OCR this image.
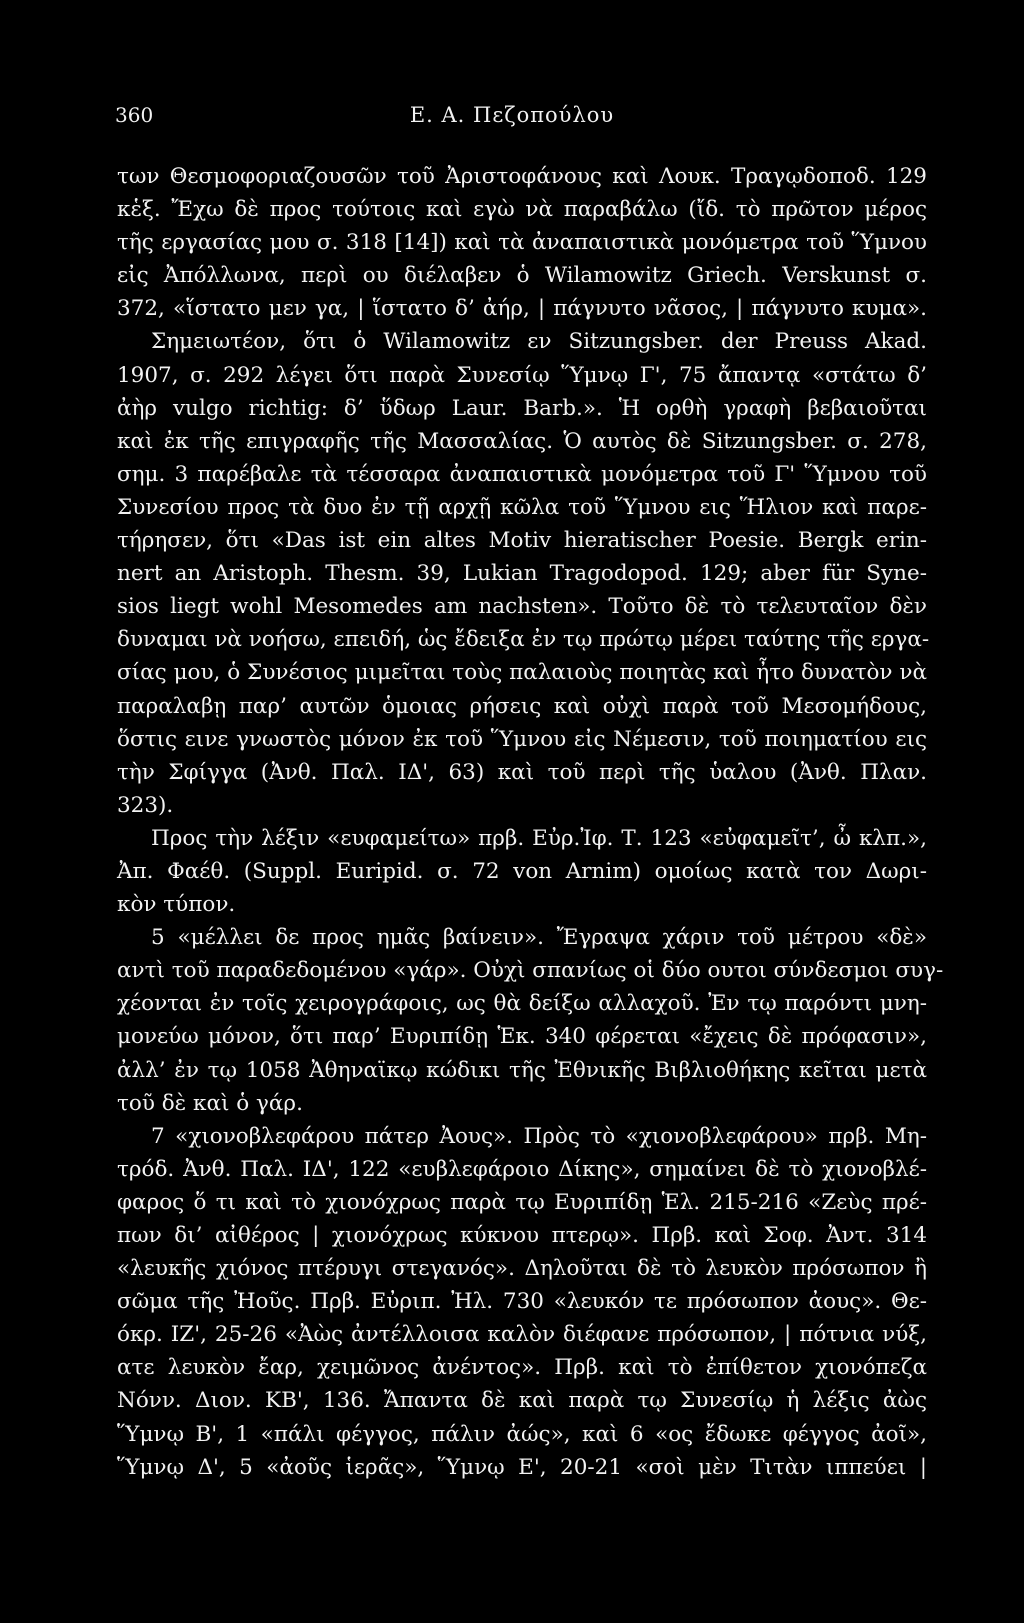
360	Ε. Α. Πεζοπούλου
των Θεσμοφοριαζουσῶν τοῦ Ἀριστοφάνους καὶ Λουκ. Τραγῳδοποδ. 129
κἑξ. Ἔχω δὲ προς τούτοις καὶ εγὼ νὰ παραβάλω (ἴδ. τὸ πρῶτον μέρος
τῆς εργασίας μου σ. 318 [14]) καὶ τὰ ἀναπαιστικὰ μονόμετρα τοῦ Ὕμνου
εἰς Ἀπόλλωνα, περὶ ου διέλαβεν ὁ Wilamowitz Griech. Verskunst σ.
372, «ἵστατο μεν γα, | ἵστατο δ’ ἀήρ, | πάγνυτο νᾶσος, | πάγνυτο κυμα».
Σημειωτέον, ὅτι ὁ Wilamowitz εν Sitzungsber. der Preuss Akad.
1907, σ. 292 λέγει ὅτι παρὰ Συνεσίῳ Ὕμνῳ Γ', 75 ἄπαντᾳ «στάτω δ’
ἀὴρ vulgo richtig: δ’ ὕδωρ Laur. Barb.». Ἡ ορθὴ γραφὴ βεβαιοῦται
καὶ ἐκ τῆς επιγραφῆς τῆς Μασσαλίας. Ὁ αυτὸς δὲ Sitzungsber. σ. 278,
σημ. 3 παρέβαλε τὰ τέσσαρα ἀναπαιστικὰ μονόμετρα τοῦ Γ' Ὕμνου τοῦ
Συνεσίου προς τὰ δυο ἐν τῇ αρχῇ κῶλα τοῦ Ὕμνου εις Ἥλιον καὶ παρε-
τήρησεν, ὅτι «Das ist ein altes Motiv hieratischer Poesie. Bergk erin-
nert an Aristoph. Thesm. 39, Lukian Tragodopod. 129; aber für Syne-
sios liegt wohl Mesomedes am nachsten». Τοῦτο δὲ τὸ τελευταῖον δὲν
δυναμαι νὰ νοήσω, επειδή, ὡς ἔδειξα ἐν τῳ πρώτῳ μέρει ταύτης τῆς εργα-
σίας μου, ὁ Συνέσιος μιμεῖται τοὺς παλαιοὺς ποιητὰς καὶ ἦτο δυνατὸν νὰ
παραλαβῃ παρ’ αυτῶν ὁμοιας ρήσεις καὶ οὐχὶ παρὰ τοῦ Μεσομήδους,
ὅστις εινε γνωστὸς μόνον ἐκ τοῦ Ὕμνου εἰς Νέμεσιν, τοῦ ποιηματίου εις
τὴν Σφίγγα (Ἀνθ. Παλ. ΙΔ', 63) καὶ τοῦ περὶ τῆς ὑαλου (Ἀνθ. Πλαν.
323).
Προς τὴν λέξιν «ευφαμείτω» πρβ. Εὐρ.Ἰφ. Τ. 123 «εὐφαμεῖτ’, ὦ κλπ.»,
Ἀπ. Φαέθ. (Suppl. Euripid. σ. 72 von Arnim) ομοίως κατὰ τον Δωρι-
κὸν τύπον.
5 «μέλλει δε προς ημᾶς βαίνειν». Ἔγραψα χάριν τοῦ μέτρου «δὲ»
αντὶ τοῦ παραδεδομένου «γάρ». Οὐχὶ σπανίως οἱ δύο ουτοι σύνδεσμοι συγ-
χέονται ἐν τοῖς χειρογράφοις, ως θὰ δείξω αλλαχοῦ. Ἐν τῳ παρόντι μνη-
μονεύω μόνον, ὅτι παρ’ Ευριπίδῃ Ἑκ. 340 φέρεται «ἔχεις δὲ πρόφασιν»,
ἀλλ’ ἐν τῳ 1058 Ἀθηναϊκῳ κώδικι τῆς Ἐθνικῆς Βιβλιοθήκης κεῖται μετὰ
τοῦ δὲ καὶ ὁ γάρ.
7 «χιονοβλεφάρου πάτερ Ἀους». Πρὸς τὸ «χιονοβλεφάρου» πρβ. Μη-
τρόδ. Ἀνθ. Παλ. ΙΔ', 122 «ευβλεφάροιο Δίκης», σημαίνει δὲ τὸ χιονοβλέ-
φαρος ὅ τι καὶ τὸ χιονόχρως παρὰ τῳ Ευριπίδῃ Ἑλ. 215-216 «Ζεὺς πρέ-
πων δι’ αἰθέρος | χιονόχρως κύκνου πτερῳ». Πρβ. καὶ Σοφ. Ἀντ. 314
«λευκῆς χιόνος πτέρυγι στεγανός». Δηλοῦται δὲ τὸ λευκὸν πρόσωπον ἢ
σῶμα τῆς Ἠοῦς. Πρβ. Εὐριπ. Ἠλ. 730 «λευκόν τε πρόσωπον ἀους». Θε-
όκρ. ΙΖ', 25-26 «Ἀὼς ἀντέλλοισα καλὸν διέφανε πρόσωπον, | πότνια νύξ,
ατε λευκὸν ἔαρ, χειμῶνος ἀνέντος». Πρβ. καὶ τὸ ἐπίθετον χιονόπεζα
Νόνν. Διον. ΚΒ', 136. Ἄπαντα δὲ καὶ παρὰ τῳ Συνεσίῳ ἡ λέξις ἀὼς
Ὕμνῳ Β', 1 «πάλι φέγγος, πάλιν ἀώς», καὶ 6 «ος ἔδωκε φέγγος ἀοῖ»,
Ὕμνῳ Δ', 5 «ἀοῦς ἱερᾶς», Ὕμνῳ Ε', 20-21 «σοὶ μὲν Τιτὰν ιππεύει |
